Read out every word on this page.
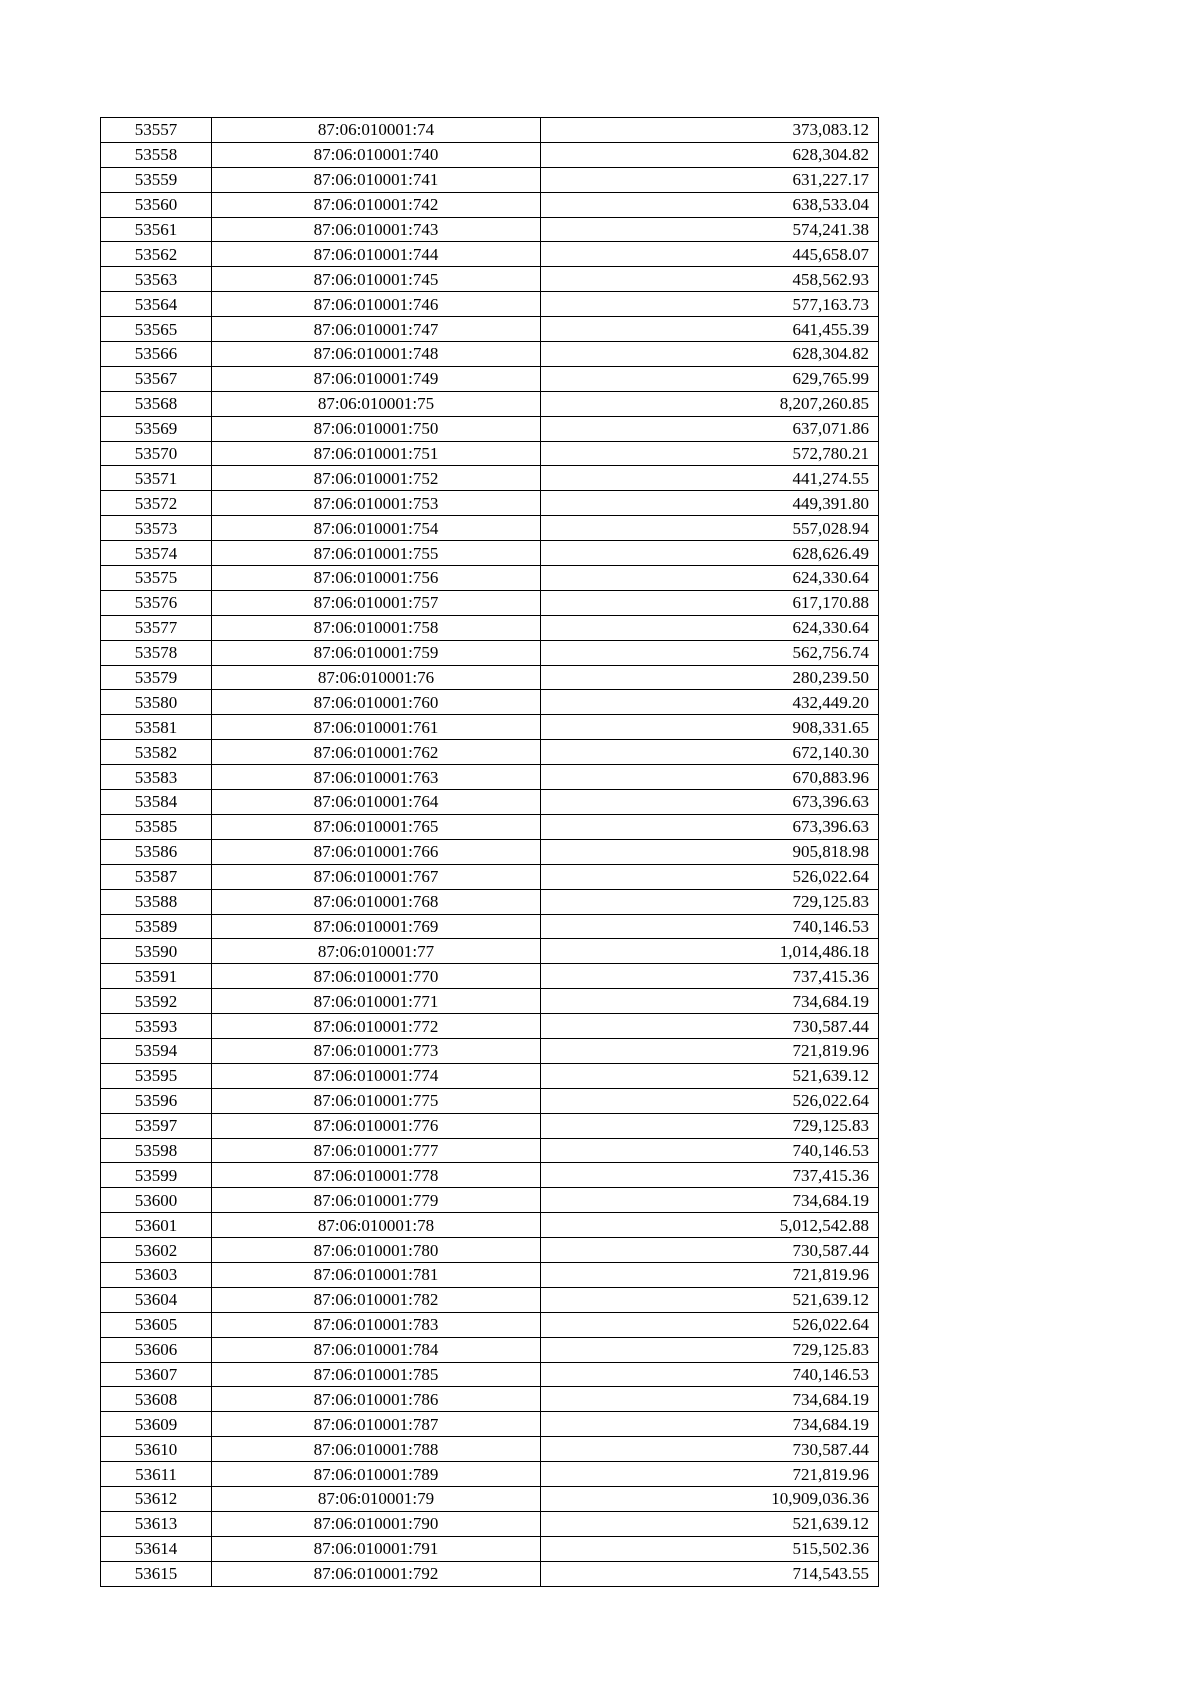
53557	87:06:010001:74	373,083.12
53558	87:06:010001:740	628,304.82
53559	87:06:010001:741	631,227.17
53560	87:06:010001:742	638,533.04
53561	87:06:010001:743	574,241.38
53562	87:06:010001:744	445,658.07
53563	87:06:010001:745	458,562.93
53564	87:06:010001:746	577,163.73
53565	87:06:010001:747	641,455.39
53566	87:06:010001:748	628,304.82
53567	87:06:010001:749	629,765.99
53568	87:06:010001:75	8,207,260.85
53569	87:06:010001:750	637,071.86
53570	87:06:010001:751	572,780.21
53571	87:06:010001:752	441,274.55
53572	87:06:010001:753	449,391.80
53573	87:06:010001:754	557,028.94
53574	87:06:010001:755	628,626.49
53575	87:06:010001:756	624,330.64
53576	87:06:010001:757	617,170.88
53577	87:06:010001:758	624,330.64
53578	87:06:010001:759	562,756.74
53579	87:06:010001:76	280,239.50
53580	87:06:010001:760	432,449.20
53581	87:06:010001:761	908,331.65
53582	87:06:010001:762	672,140.30
53583	87:06:010001:763	670,883.96
53584	87:06:010001:764	673,396.63
53585	87:06:010001:765	673,396.63
53586	87:06:010001:766	905,818.98
53587	87:06:010001:767	526,022.64
53588	87:06:010001:768	729,125.83
53589	87:06:010001:769	740,146.53
53590	87:06:010001:77	1,014,486.18
53591	87:06:010001:770	737,415.36
53592	87:06:010001:771	734,684.19
53593	87:06:010001:772	730,587.44
53594	87:06:010001:773	721,819.96
53595	87:06:010001:774	521,639.12
53596	87:06:010001:775	526,022.64
53597	87:06:010001:776	729,125.83
53598	87:06:010001:777	740,146.53
53599	87:06:010001:778	737,415.36
53600	87:06:010001:779	734,684.19
53601	87:06:010001:78	5,012,542.88
53602	87:06:010001:780	730,587.44
53603	87:06:010001:781	721,819.96
53604	87:06:010001:782	521,639.12
53605	87:06:010001:783	526,022.64
53606	87:06:010001:784	729,125.83
53607	87:06:010001:785	740,146.53
53608	87:06:010001:786	734,684.19
53609	87:06:010001:787	734,684.19
53610	87:06:010001:788	730,587.44
53611	87:06:010001:789	721,819.96
53612	87:06:010001:79	10,909,036.36
53613	87:06:010001:790	521,639.12
53614	87:06:010001:791	515,502.36
53615	87:06:010001:792	714,543.55
